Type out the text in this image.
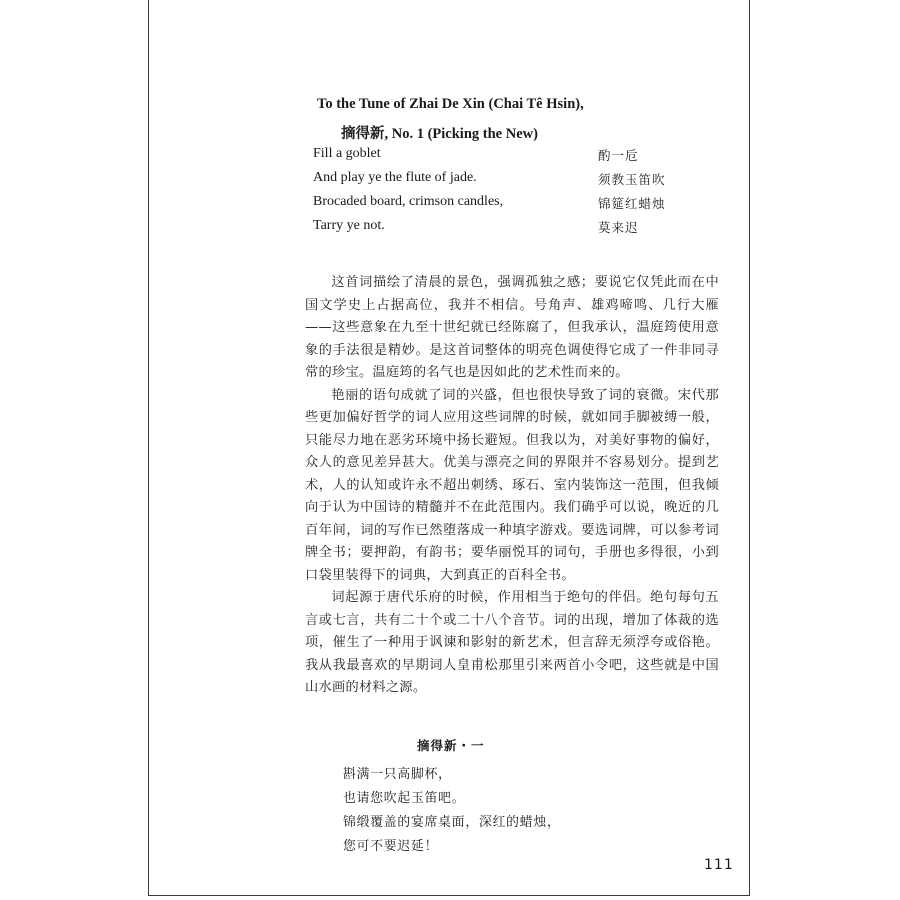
To the Tune of Zhai De Xin (Chai Tê Hsin),
摘得新, No. 1 (Picking the New)
Fill a goblet	酌一卮
And play ye the flute of jade.	须教玉笛吹
Brocaded board, crimson candles,	锦筵红蜡烛
Tarry ye not.	莫来迟

这首词描绘了清晨的景色，强调孤独之感；要说它仅凭此而在中国文学史上占据高位，我并不相信。号角声、雄鸡啼鸣、几行大雁——这些意象在九至十世纪就已经陈腐了，但我承认，温庭筠使用意象的手法很是精妙。是这首词整体的明亮色调使得它成了一件非同寻常的珍宝。温庭筠的名气也是因如此的艺术性而来的。

艳丽的语句成就了词的兴盛，但也很快导致了词的衰微。宋代那些更加偏好哲学的词人应用这些词牌的时候，就如同手脚被缚一般，只能尽力地在恶劣环境中扬长避短。但我以为，对美好事物的偏好，众人的意见差异甚大。优美与漂亮之间的界限并不容易划分。提到艺术，人的认知或许永不超出刺绣、琢石、室内装饰这一范围，但我倾向于认为中国诗的精髓并不在此范围内。我们确乎可以说，晚近的几百年间，词的写作已然堕落成一种填字游戏。要选词牌，可以参考词牌全书；要押韵，有韵书；要华丽悦耳的词句，手册也多得很，小到口袋里装得下的词典，大到真正的百科全书。

词起源于唐代乐府的时候，作用相当于绝句的伴侣。绝句每句五言或七言，共有二十个或二十八个音节。词的出现，增加了体裁的选项，催生了一种用于讽谏和影射的新艺术，但言辞无须浮夸或俗艳。我从我最喜欢的早期词人皇甫松那里引来两首小令吧，这些就是中国山水画的材料之源。

摘得新・一
斟满一只高脚杯，
也请您吹起玉笛吧。
锦缎覆盖的宴席桌面，深红的蜡烛，
您可不要迟延！
111
